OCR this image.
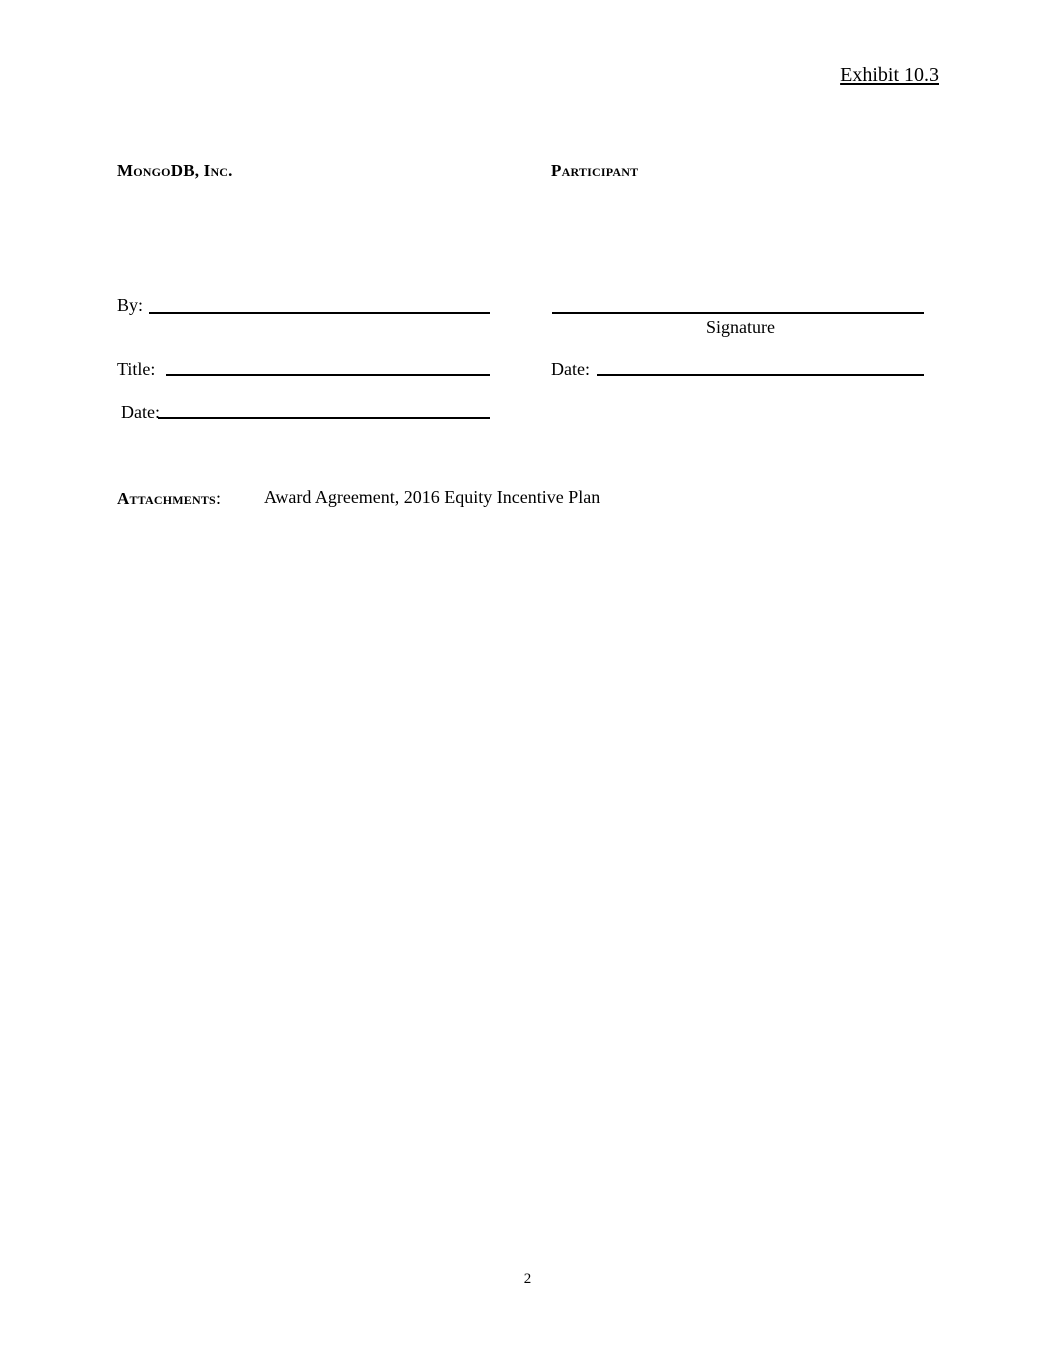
Exhibit 10.3
MongoDB, Inc.	Participant
By:
Signature
Title:	Date:
Date:
Attachments: Award Agreement, 2016 Equity Incentive Plan
2
